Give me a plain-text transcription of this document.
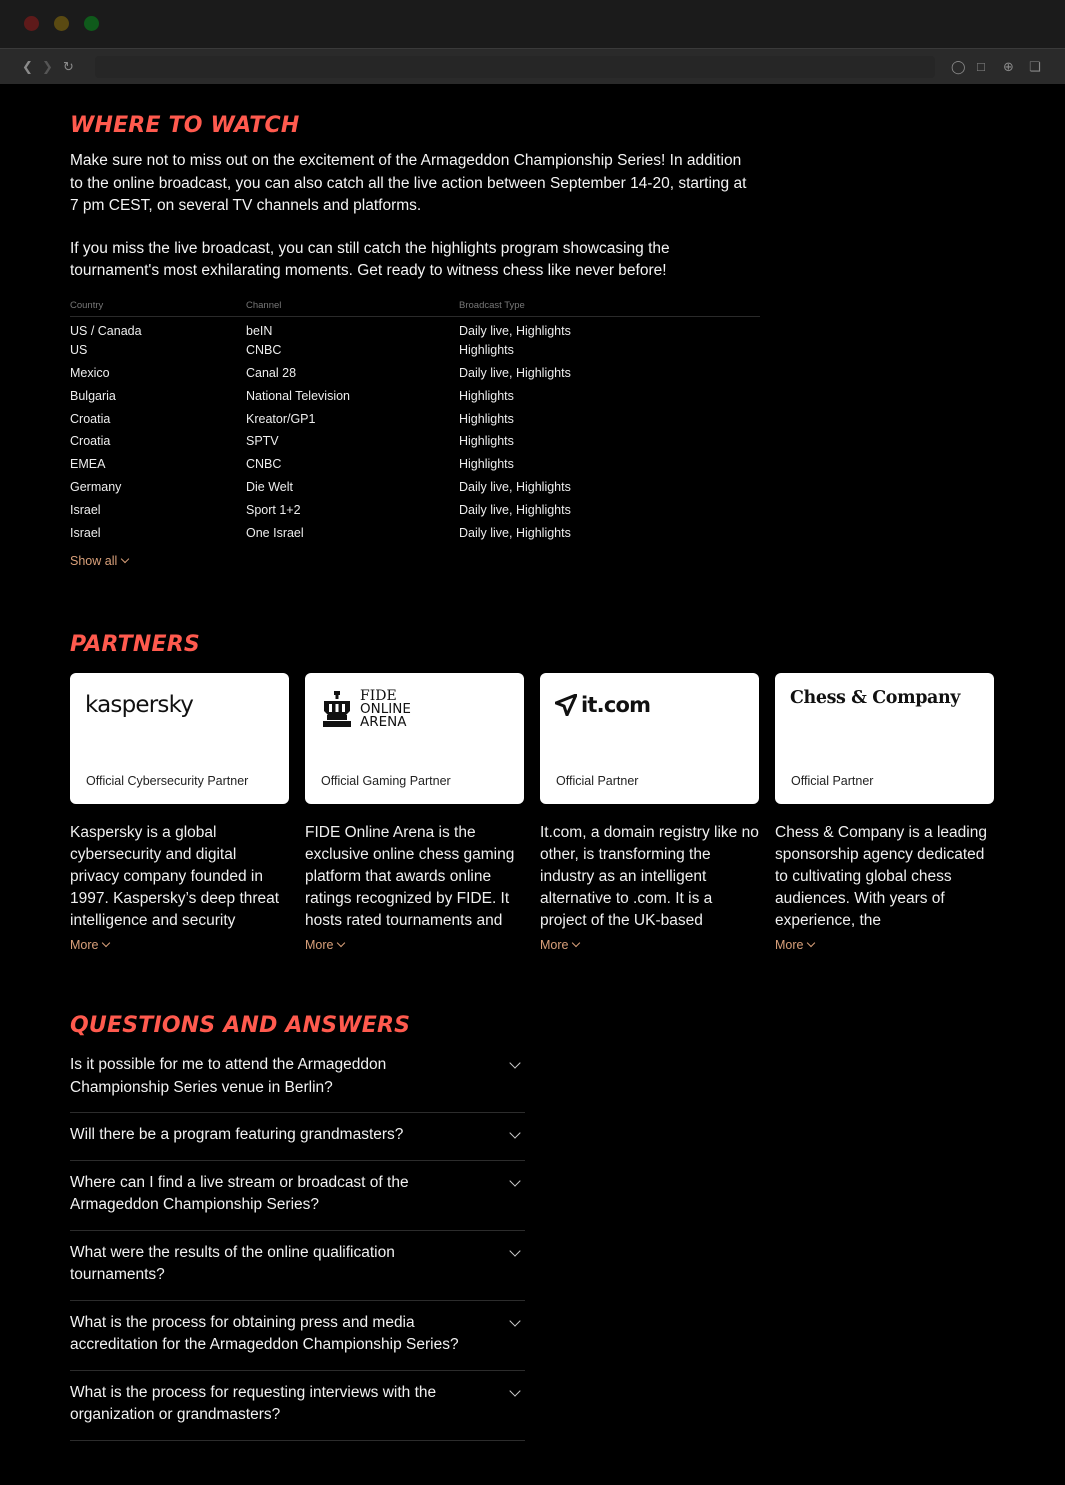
❮ ❯ ↻	◯ □ ⊕ ❏
WHERE TO WATCH

Make sure not to miss out on the excitement of the Armageddon Championship Series! In addition to the online broadcast, you can also catch all the live action between September 14-20, starting at 7 pm CEST, on several TV channels and platforms.

If you miss the live broadcast, you can still catch the highlights program showcasing the tournament's most exhilarating moments. Get ready to witness chess like never before!

Country	Channel	Broadcast Type
US / Canada	beIN	Daily live, Highlights
US	CNBC	Highlights
Mexico	Canal 28	Daily live, Highlights
Bulgaria	National Television	Highlights
Croatia	Kreator/GP1	Highlights
Croatia	SPTV	Highlights
EMEA	CNBC	Highlights
Germany	Die Welt	Daily live, Highlights
Israel	Sport 1+2	Daily live, Highlights
Israel	One Israel	Daily live, Highlights
Show all
PARTNERS
kaspersky
Official Cybersecurity Partner
Kaspersky is a global cybersecurity and digital privacy company founded in 1997. Kaspersky’s deep threat intelligence and security
More
FIDE
ONLINE
ARENA
Official Gaming Partner
FIDE Online Arena is the exclusive online chess gaming platform that awards online ratings recognized by FIDE. It hosts rated tournaments and
More
it.com
Official Partner
It.com, a domain registry like no other, is transforming the industry as an intelligent alternative to .com. It is a project of the UK-based
More
Chess & Company
Official Partner
Chess & Company is a leading sponsorship agency dedicated to cultivating global chess audiences. With years of experience, the
More
QUESTIONS AND ANSWERS
Is it possible for me to attend the Armageddon Championship Series venue in Berlin?
Will there be a program featuring grandmasters?
Where can I find a live stream or broadcast of the Armageddon Championship Series?
What were the results of the online qualification tournaments?
What is the process for obtaining press and media accreditation for the Armageddon Championship Series?
What is the process for requesting interviews with the organization or grandmasters?
